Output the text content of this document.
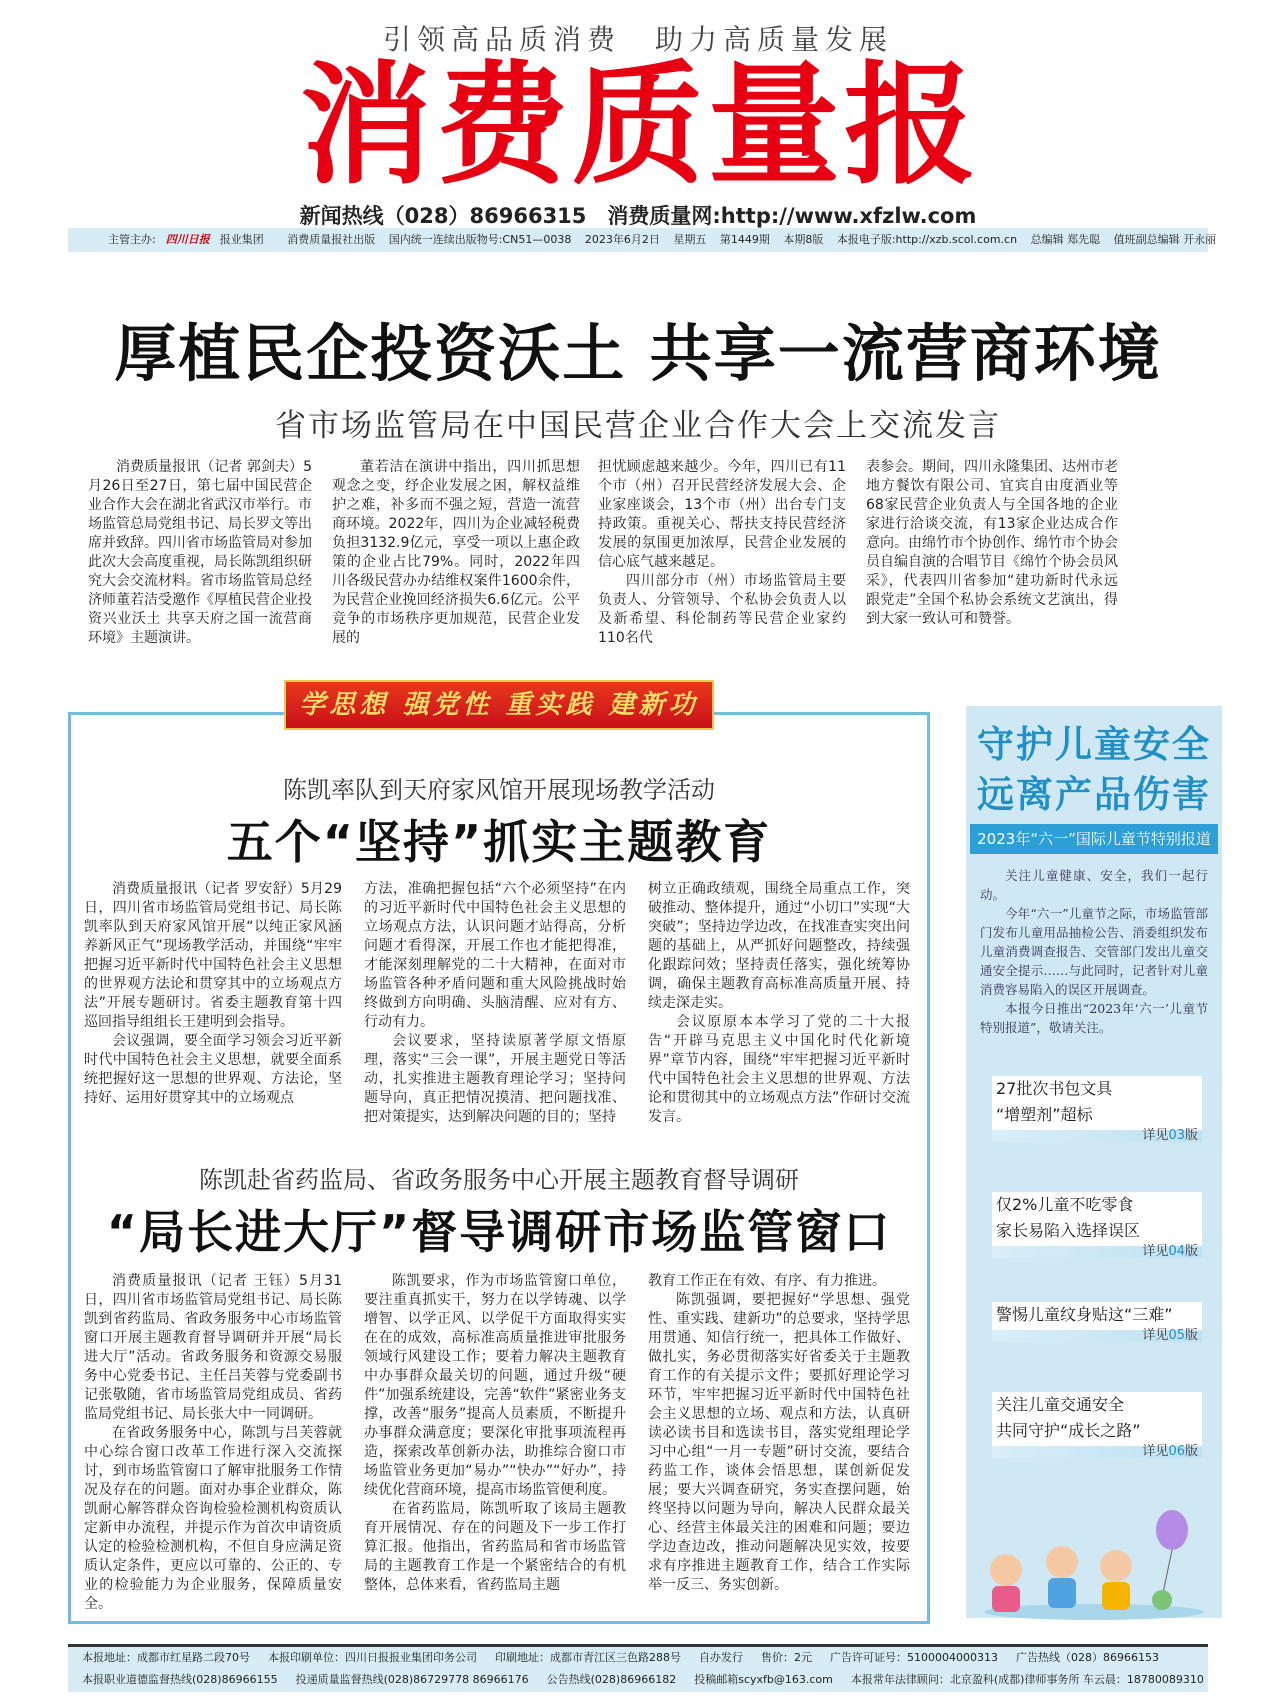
引领高品质消费　助力高质量发展
消费质量报
新闻热线（028）86966315　消费质量网:http://www.xfzlw.com
主管主办: 四川日报 报业集团 消费质量报社出版 国内统一连续出版物号:CN51—0038 2023年6月2日 星期五 第1449期 本期8版 本报电子版:http://xzb.scol.com.cn 总编辑 郑先聪 值班副总编辑 开永丽
厚植民企投资沃土 共享一流营商环境
省市场监管局在中国民营企业合作大会上交流发言

消费质量报讯（记者 郭剑夫）5月26日至27日，第七届中国民营企业合作大会在湖北省武汉市举行。市场监管总局党组书记、局长罗文等出席并致辞。四川省市场监管局对参加此次大会高度重视，局长陈凯组织研究大会交流材料。省市场监管局总经济师董若洁受邀作《厚植民营企业投资兴业沃土 共享天府之国一流营商环境》主题演讲。

董若洁在演讲中指出，四川抓思想观念之变，纾企业发展之困，解权益维护之难，补多而不强之短，营造一流营商环境。2022年，四川为企业减轻税费负担3132.9亿元，享受一项以上惠企政策的企业占比79%。同时，2022年四川各级民营办办结维权案件1600余件，为民营企业挽回经济损失6.6亿元。公平竞争的市场秩序更加规范，民营企业发展的

担忧顾虑越来越少。今年，四川已有11个市（州）召开民营经济发展大会、企业家座谈会，13个市（州）出台专门支持政策。重视关心、帮扶支持民营经济发展的氛围更加浓厚，民营企业发展的信心底气越来越足。

四川部分市（州）市场监管局主要负责人、分管领导、个私协会负责人以及新希望、科伦制药等民营企业家约110名代

表参会。期间，四川永隆集团、达州市老地方餐饮有限公司、宜宾自由度酒业等68家民营企业负责人与全国各地的企业家进行洽谈交流，有13家企业达成合作意向。由绵竹市个协创作、绵竹市个协会员自编自演的合唱节目《绵竹个协会员风采》，代表四川省参加“建功新时代永远跟党走”全国个私协会系统文艺演出，得到大家一致认可和赞誉。

学思想 强党性 重实践 建新功
陈凯率队到天府家风馆开展现场教学活动
五个“坚持”抓实主题教育

消费质量报讯（记者 罗安舒）5月29日，四川省市场监管局党组书记、局长陈凯率队到天府家风馆开展“以纯正家风涵养新风正气”现场教学活动，并围绕“牢牢把握习近平新时代中国特色社会主义思想的世界观方法论和贯穿其中的立场观点方法”开展专题研讨。省委主题教育第十四巡回指导组组长王建明到会指导。

会议强调，要全面学习领会习近平新时代中国特色社会主义思想，就要全面系统把握好这一思想的世界观、方法论，坚持好、运用好贯穿其中的立场观点

方法，准确把握包括“六个必须坚持”在内的习近平新时代中国特色社会主义思想的立场观点方法，认识问题才站得高，分析问题才看得深，开展工作也才能把得准，才能深刻理解党的二十大精神，在面对市场监管各种矛盾问题和重大风险挑战时始终做到方向明确、头脑清醒、应对有方、行动有力。

会议要求，坚持读原著学原文悟原理，落实“三会一课”，开展主题党日等活动，扎实推进主题教育理论学习；坚持问题导向，真正把情况摸清、把问题找准、把对策提实，达到解决问题的目的；坚持

树立正确政绩观，围绕全局重点工作，突破推动、整体提升，通过“小切口”实现“大突破”；坚持边学边改，在找准查实突出问题的基础上，从严抓好问题整改，持续强化跟踪问效；坚持责任落实，强化统筹协调，确保主题教育高标准高质量开展、持续走深走实。

会议原原本本学习了党的二十大报告“开辟马克思主义中国化时代化新境界”章节内容，围绕“牢牢把握习近平新时代中国特色社会主义思想的世界观、方法论和贯彻其中的立场观点方法”作研讨交流发言。

陈凯赴省药监局、省政务服务中心开展主题教育督导调研
“局长进大厅”督导调研市场监管窗口

消费质量报讯（记者 王钰）5月31日，四川省市场监管局党组书记、局长陈凯到省药监局、省政务服务中心市场监管窗口开展主题教育督导调研并开展“局长进大厅”活动。省政务服务和资源交易服务中心党委书记、主任吕芙蓉与党委副书记张敬随，省市场监管局党组成员、省药监局党组书记、局长张大中一同调研。

在省政务服务中心，陈凯与吕芙蓉就中心综合窗口改革工作进行深入交流探讨，到市场监管窗口了解审批服务工作情况及存在的问题。面对办事企业群众，陈凯耐心解答群众咨询检验检测机构资质认定新申办流程，并提示作为首次申请资质认定的检验检测机构，不但自身应满足资质认定条件，更应以可靠的、公正的、专业的检验能力为企业服务，保障质量安全。

陈凯要求，作为市场监管窗口单位，要注重真抓实干，努力在以学铸魂、以学增智、以学正风、以学促干方面取得实实在在的成效，高标准高质量推进审批服务领域行风建设工作；要着力解决主题教育中办事群众最关切的问题，通过升级“硬件”加强系统建设，完善“软件”紧密业务支撑，改善“服务”提高人员素质，不断提升办事群众满意度；要深化审批事项流程再造，探索改革创新办法，助推综合窗口市场监管业务更加“易办”“快办”“好办”，持续优化营商环境，提高市场监管便利度。

在省药监局，陈凯听取了该局主题教育开展情况、存在的问题及下一步工作打算汇报。他指出，省药监局和省市场监管局的主题教育工作是一个紧密结合的有机整体，总体来看，省药监局主题

教育工作正在有效、有序、有力推进。

陈凯强调，要把握好“学思想、强党性、重实践、建新功”的总要求，坚持学思用贯通、知信行统一，把具体工作做好、做扎实，务必贯彻落实好省委关于主题教育工作的有关提示文件；要抓好理论学习环节，牢牢把握习近平新时代中国特色社会主义思想的立场、观点和方法，认真研读必读书目和选读书目，落实党组理论学习中心组“一月一专题”研讨交流，要结合药监工作，谈体会悟思想，谋创新促发展；要大兴调查研究，务实查摆问题，始终坚持以问题为导向，解决人民群众最关心、经营主体最关注的困难和问题；要边学边查边改，推动问题解决见实效，按要求有序推进主题教育工作，结合工作实际举一反三、务实创新。

守护儿童安全
远离产品伤害
2023年“六一”国际儿童节特别报道

关注儿童健康、安全，我们一起行动。

今年“六一”儿童节之际，市场监管部门发布儿童用品抽检公告、消委组织发布儿童消费调查报告、交管部门发出儿童交通安全提示……与此同时，记者针对儿童消费容易陷入的误区开展调查。

本报今日推出“2023年‘六一’儿童节特别报道”，敬请关注。

27批次书包文具
“增塑剂”超标
详见03版
仅2%儿童不吃零食
家长易陷入选择误区
详见04版
警惕儿童纹身贴这“三难”
详见05版
关注儿童交通安全
共同守护“成长之路”
详见06版
本报地址：成都市红星路二段70号 本报印刷单位：四川日报报业集团印务公司 印刷地址：成都市青江区三色路288号 自办发行 售价：2元 广告许可证号：5100004000313 广告热线（028）86966153
本报职业道德监督热线(028)86966155 投递质量监督热线(028)86729778 86966176 公告热线(028)86966182 投稿邮箱scyxfb@163.com 本报常年法律顾问：北京盈科(成都)律师事务所 车云晨：18780089310
